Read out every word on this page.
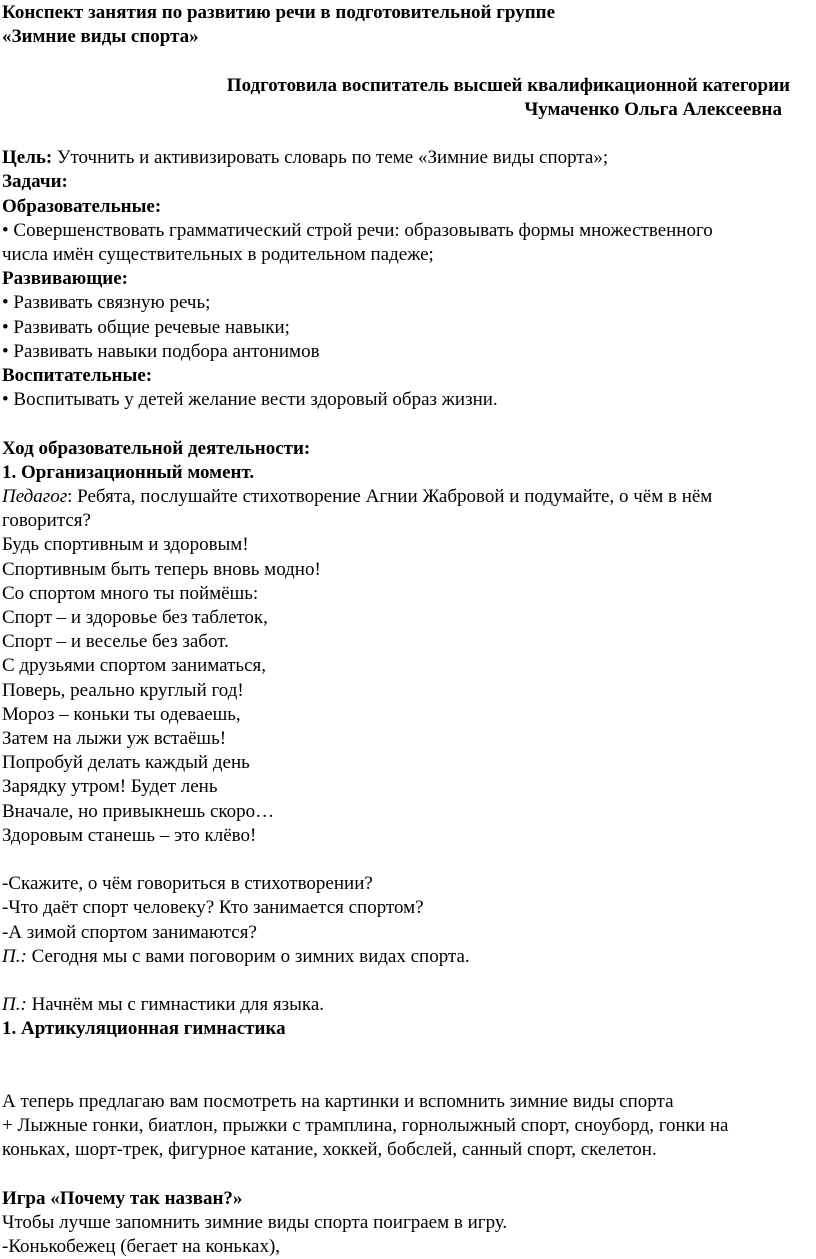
Конспект занятия по развитию речи в подготовительной группе
«Зимние виды спорта»
Подготовила воспитатель высшей квалификационной категории
Чумаченко Ольга Алексеевна
Цель: Уточнить и активизировать словарь по теме «Зимние виды спорта»;
Задачи:
Образовательные:
• Совершенствовать грамматический строй речи: образовывать формы множественного
числа имён существительных в родительном падеже;
Развивающие:
• Развивать связную речь;
• Развивать общие речевые навыки;
• Развивать навыки подбора антонимов
Воспитательные:
• Воспитывать у детей желание вести здоровый образ жизни.
Ход образовательной деятельности:
1. Организационный момент.
Педагог: Ребята, послушайте стихотворение Агнии Жабровой и подумайте, о чём в нём
говорится?
Будь спортивным и здоровым!
Спортивным быть теперь вновь модно!
Со спортом много ты поймёшь:
Спорт – и здоровье без таблеток,
Спорт – и веселье без забот.
С друзьями спортом заниматься,
Поверь, реально круглый год!
Мороз – коньки ты одеваешь,
Затем на лыжи уж встаёшь!
Попробуй делать каждый день
Зарядку утром! Будет лень
Вначале, но привыкнешь скоро…
Здоровым станешь – это клёво!
-Скажите, о чём говориться в стихотворении?
-Что даёт спорт человеку? Кто занимается спортом?
-А зимой спортом занимаются?
П.: Сегодня мы с вами поговорим о зимних видах спорта.
П.: Начнём мы с гимнастики для языка.
1. Артикуляционная гимнастика
А теперь предлагаю вам посмотреть на картинки и вспомнить зимние виды спорта
+ Лыжные гонки, биатлон, прыжки с трамплина, горнолыжный спорт, сноуборд, гонки на
коньках, шорт-трек, фигурное катание, хоккей, бобслей, санный спорт, скелетон.
Игра «Почему так назван?»
Чтобы лучше запомнить зимние виды спорта поиграем в игру.
-Конькобежец (бегает на коньках),
